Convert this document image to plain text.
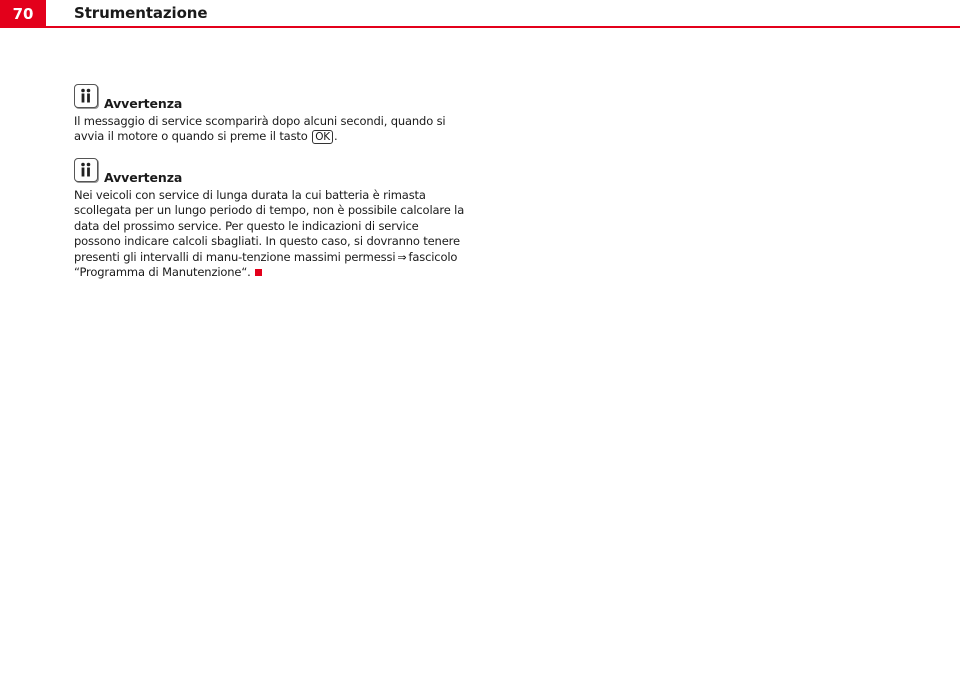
70	Strumentazione
Avvertenza

Il messaggio di service scomparirà dopo alcuni secondi, quando si avvia il motore o quando si preme il tasto OK .

Avvertenza

Nei veicoli con service di lunga durata la cui batteria è rimasta scollegata per un lungo periodo di tempo, non è possibile calcolare la data del prossimo service. Per questo le indicazioni di service possono indicare calcoli sbagliati. In questo caso, si dovranno tenere presenti gli intervalli di manu-tenzione massimi permessi ⇒ fascicolo “Programma di Manutenzione“.
